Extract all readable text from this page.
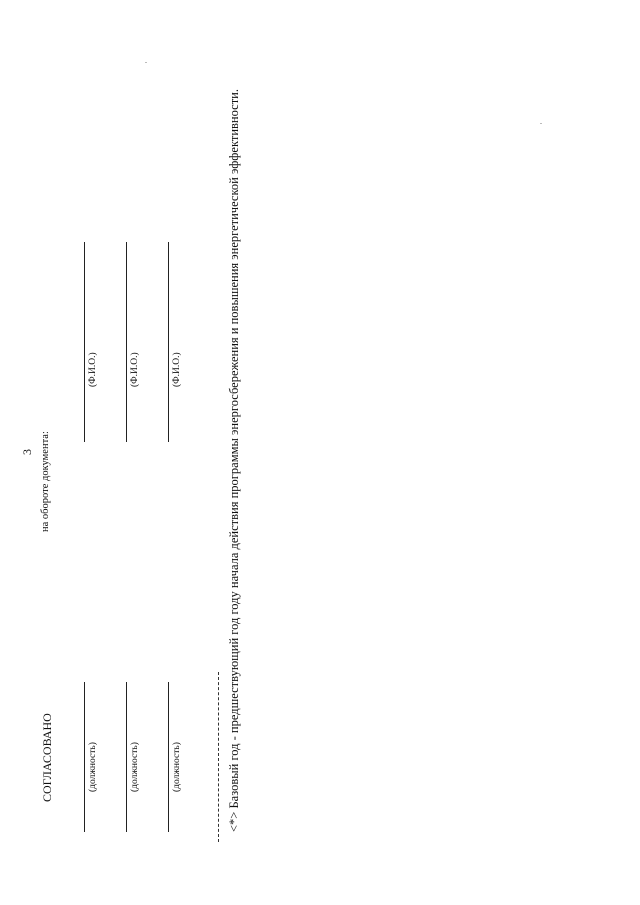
3
СОГЛАСОВАНО
на обороте документа:
(должность)
(Ф.И.О.)
(должность)
(Ф.И.О.)
(должность)
(Ф.И.О.)
<*> Базовый год - предшествующий год году начала действия программы энергосбережения и повышения энергетической эффективности.
